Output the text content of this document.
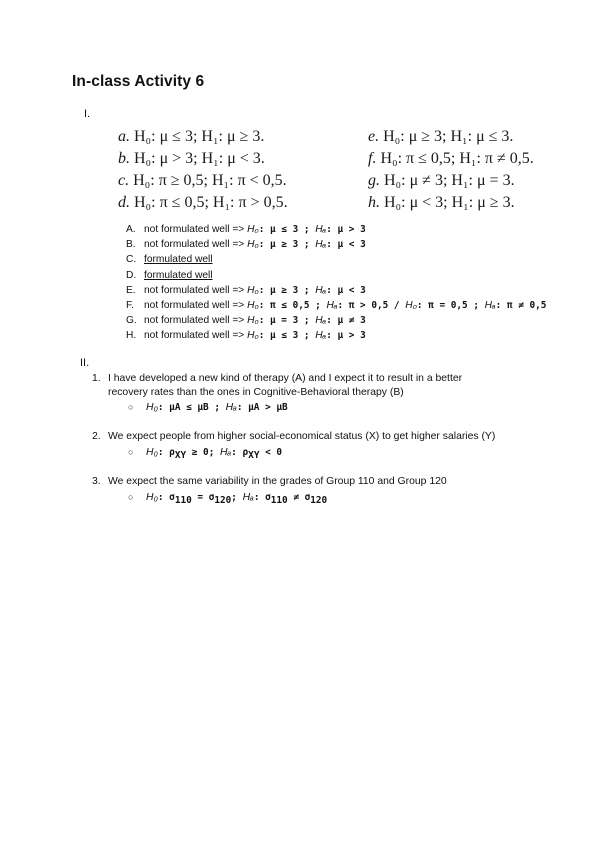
In-class Activity 6
I.
a. H₀: μ ≤ 3; H₁: μ ≥ 3.
b. H₀: μ > 3; H₁: μ < 3.
c. H₀: π ≥ 0,5; H₁: π < 0,5.
d. H₀: π ≤ 0,5; H₁: π > 0,5.
e. H₀: μ ≥ 3; H₁: μ ≤ 3.
f. H₀: π ≤ 0,5; H₁: π ≠ 0,5.
g. H₀: μ ≠ 3; H₁: μ = 3.
h. H₀: μ < 3; H₁: μ ≥ 3.
A. not formulated well => H₀: μ ≤ 3 ; Hₐ: μ > 3
B. not formulated well => H₀: μ ≥ 3 ; Hₐ: μ < 3
C. formulated well
D. formulated well
E. not formulated well => H₀: μ ≥ 3 ; Hₐ: μ < 3
F. not formulated well => H₀: π ≤ 0,5 ; Hₐ: π > 0,5 / H₀: π = 0,5 ; Hₐ: π ≠ 0,5
G. not formulated well => H₀: μ = 3 ; Hₐ: μ ≠ 3
H. not formulated well => H₀: μ ≤ 3 ; Hₐ: μ > 3
II.
1. I have developed a new kind of therapy (A) and I expect it to result in a better
recovery rates than the ones in Cognitive-Behavioral therapy (B)
○ H₀: μA ≤ μB ; Hₐ: μA > μB
2. We expect people from higher social-economical status (X) to get higher salaries (Y)
○ H₀: $\rho_{XY} \ge 0$; Hₐ: $\rho_{XY} < 0$
3. We expect the same variability in the grades of Group 110 and Group 120
○ H₀: $\sigma_{110} = \sigma_{120}$; Hₐ: $\sigma_{110} \ne \sigma_{120}$
